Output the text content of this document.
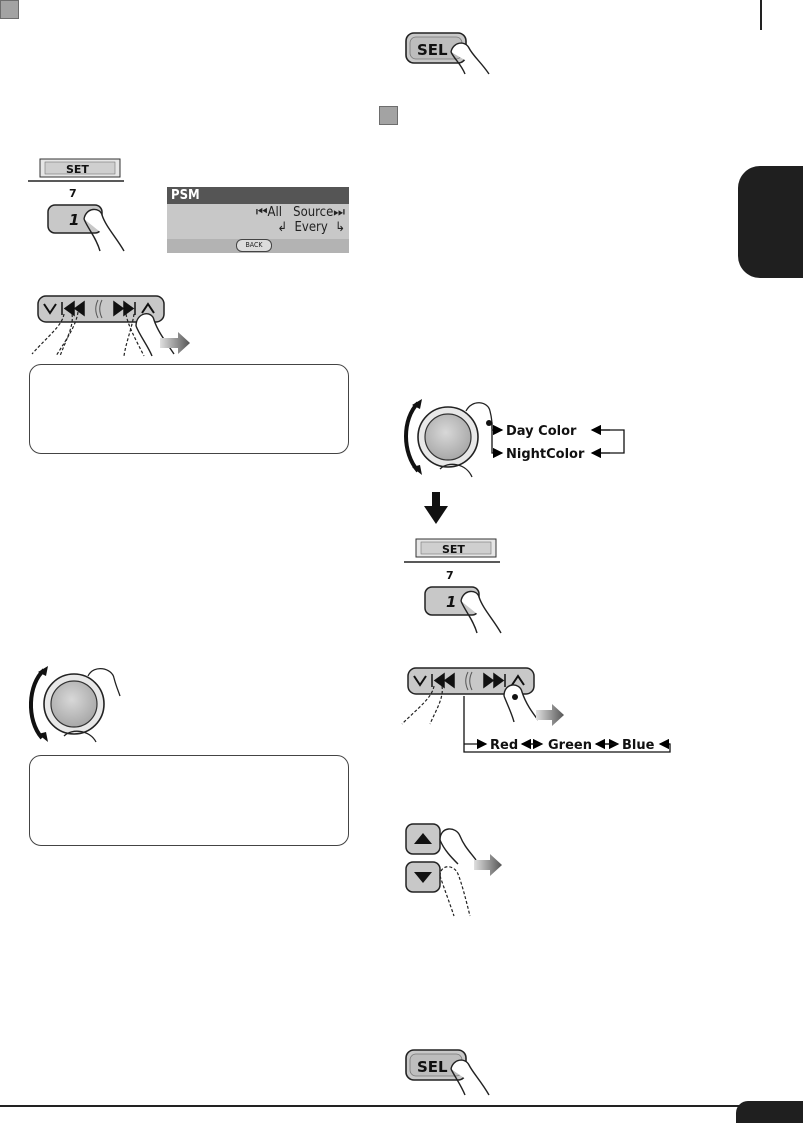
SEL
SET
7
1
PSM
⏮All Source⏭
↲ Every ↳
BACK
Day Color
NightColor
SET
7
1
Red Green Blue
SEL
